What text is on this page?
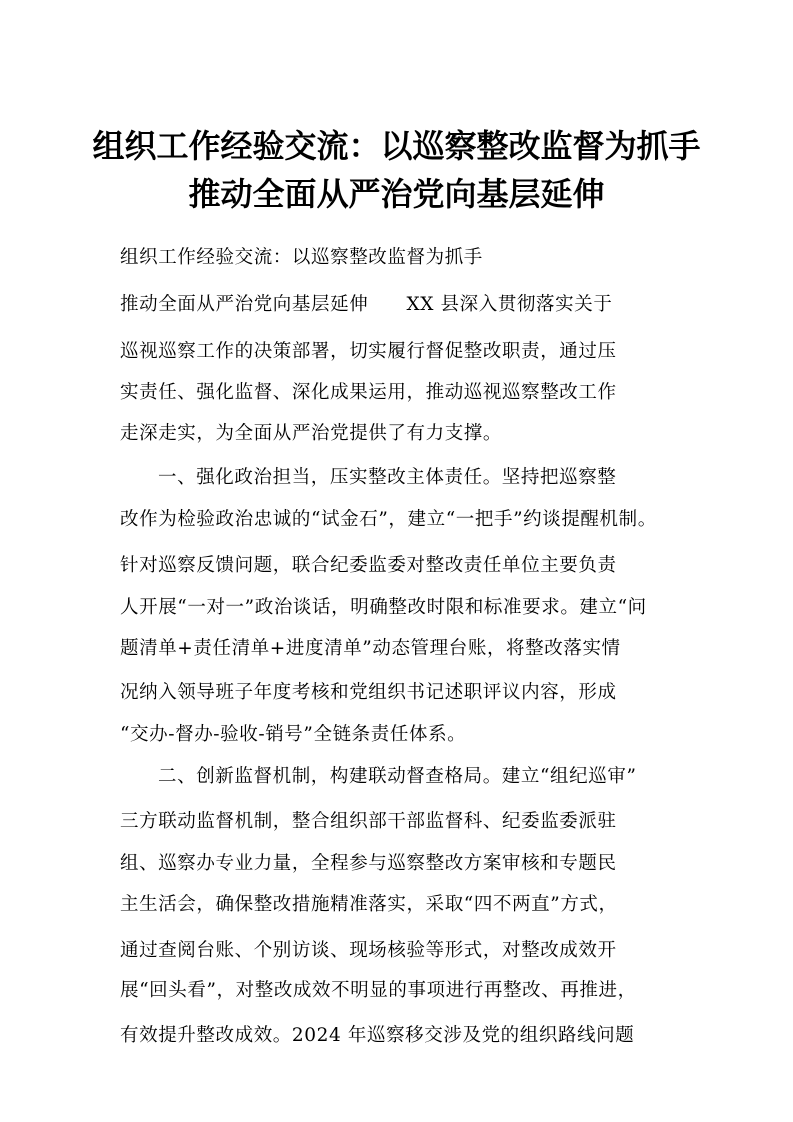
组织工作经验交流：以巡察整改监督为抓手
推动全面从严治党向基层延伸
组织工作经验交流：以巡察整改监督为抓手
推动全面从严治党向基层延伸　　XX 县深入贯彻落实关于
巡视巡察工作的决策部署，切实履行督促整改职责，通过压
实责任、强化监督、深化成果运用，推动巡视巡察整改工作
走深走实，为全面从严治党提供了有力支撑。
一、强化政治担当，压实整改主体责任。坚持把巡察整
改作为检验政治忠诚的“试金石”，建立“一把手”约谈提醒机制。
针对巡察反馈问题，联合纪委监委对整改责任单位主要负责
人开展“一对一”政治谈话，明确整改时限和标准要求。建立“问
题清单+责任清单+进度清单”动态管理台账，将整改落实情
况纳入领导班子年度考核和党组织书记述职评议内容，形成
“交办-督办-验收-销号”全链条责任体系。
二、创新监督机制，构建联动督查格局。建立“组纪巡审”
三方联动监督机制，整合组织部干部监督科、纪委监委派驻
组、巡察办专业力量，全程参与巡察整改方案审核和专题民
主生活会，确保整改措施精准落实，采取“四不两直”方式，
通过查阅台账、个别访谈、现场核验等形式，对整改成效开
展“回头看”，对整改成效不明显的事项进行再整改、再推进，
有效提升整改成效。2024 年巡察移交涉及党的组织路线问题
